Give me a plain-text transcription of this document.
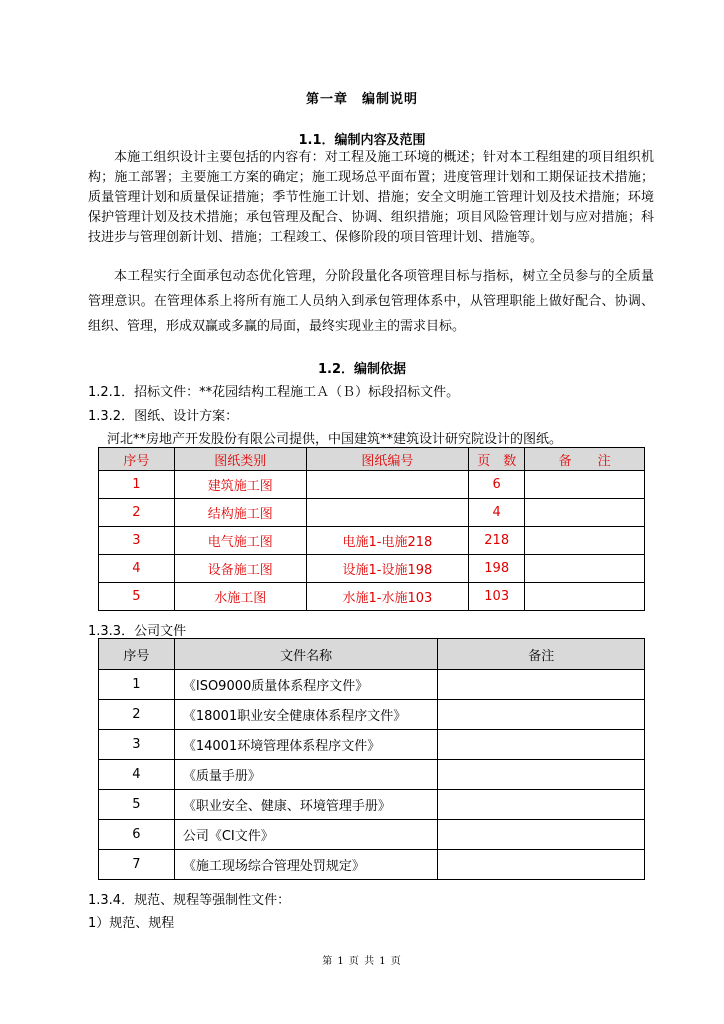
第一章　编制说明
1.1．编制内容及范围
本施工组织设计主要包括的内容有：对工程及施工环境的概述；针对本工程组建的项目组织机构；施工部署；主要施工方案的确定；施工现场总平面布置；进度管理计划和工期保证技术措施；质量管理计划和质量保证措施；季节性施工计划、措施；安全文明施工管理计划及技术措施；环境保护管理计划及技术措施；承包管理及配合、协调、组织措施；项目风险管理计划与应对措施；科技进步与管理创新计划、措施；工程竣工、保修阶段的项目管理计划、措施等。
本工程实行全面承包动态优化管理，分阶段量化各项管理目标与指标，树立全员参与的全质量管理意识。在管理体系上将所有施工人员纳入到承包管理体系中，从管理职能上做好配合、协调、组织、管理，形成双赢或多赢的局面，最终实现业主的需求目标。
1.2．编制依据
1.2.1．招标文件：**花园结构工程施工Ａ（Ｂ）标段招标文件。
1.3.2．图纸、设计方案：
河北**房地产开发股份有限公司提供，中国建筑**建筑设计研究院设计的图纸。
序号	图纸类别	图纸编号	页　数	备　　注
1	建筑施工图		6	
2	结构施工图		4	
3	电气施工图	电施1-电施218	218	
4	设备施工图	设施1-设施198	198	
5	水施工图	水施1-水施103	103	
1.3.3．公司文件
序号	文件名称	备注
1	《ISO9000质量体系程序文件》	
2	《18001职业安全健康体系程序文件》	
3	《14001环境管理体系程序文件》	
4	《质量手册》	
5	《职业安全、健康、环境管理手册》	
6	公司《CI文件》	
7	《施工现场综合管理处罚规定》	
1.3.4．规范、规程等强制性文件：
1）规范、规程
第 1 页 共 1 页
